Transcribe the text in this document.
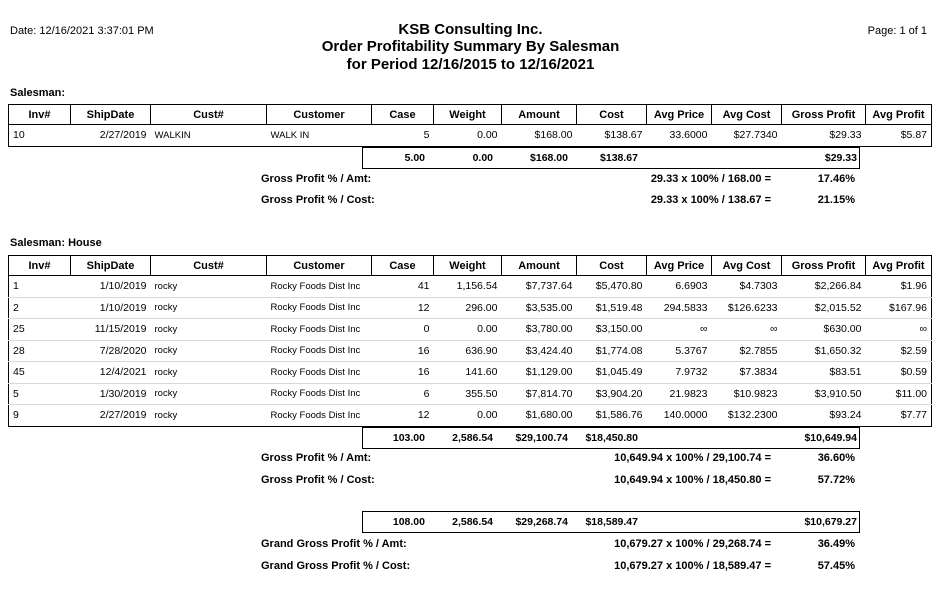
Date: 12/16/2021 3:37:01 PM	Page: 1 of 1
KSB Consulting Inc.
Order Profitability Summary By Salesman
for Period 12/16/2015 to 12/16/2021
Salesman:
Inv#	ShipDate	Cust#	Customer	Case	Weight	Amount	Cost	Avg Price	Avg Cost	Gross Profit	Avg Profit
10	2/27/2019	WALKIN	WALK IN	5	0.00	$168.00	$138.67	33.6000	$27.7340	$29.33	$5.87
5.00	0.00	$168.00	$138.67	$29.33
Gross Profit % / Amt:	29.33 x 100% / 168.00 =	17.46%
Gross Profit % / Cost:	29.33 x 100% / 138.67 =	21.15%
Salesman: House
Inv#	ShipDate	Cust#	Customer	Case	Weight	Amount	Cost	Avg Price	Avg Cost	Gross Profit	Avg Profit
1	1/10/2019	rocky	Rocky Foods Dist Inc	41	1,156.54	$7,737.64	$5,470.80	6.6903	$4.7303	$2,266.84	$1.96
2	1/10/2019	rocky	Rocky Foods Dist Inc	12	296.00	$3,535.00	$1,519.48	294.5833	$126.6233	$2,015.52	$167.96
25	11/15/2019	rocky	Rocky Foods Dist Inc	0	0.00	$3,780.00	$3,150.00	∞	∞	$630.00	∞
28	7/28/2020	rocky	Rocky Foods Dist Inc	16	636.90	$3,424.40	$1,774.08	5.3767	$2.7855	$1,650.32	$2.59
45	12/4/2021	rocky	Rocky Foods Dist Inc	16	141.60	$1,129.00	$1,045.49	7.9732	$7.3834	$83.51	$0.59
5	1/30/2019	rocky	Rocky Foods Dist Inc	6	355.50	$7,814.70	$3,904.20	21.9823	$10.9823	$3,910.50	$11.00
9	2/27/2019	rocky	Rocky Foods Dist Inc	12	0.00	$1,680.00	$1,586.76	140.0000	$132.2300	$93.24	$7.77
103.00	2,586.54	$29,100.74	$18,450.80	$10,649.94
Gross Profit % / Amt:	10,649.94 x 100% / 29,100.74 =	36.60%
Gross Profit % / Cost:	10,649.94 x 100% / 18,450.80 =	57.72%
108.00	2,586.54	$29,268.74	$18,589.47	$10,679.27
Grand Gross Profit % / Amt:	10,679.27 x 100% / 29,268.74 =	36.49%
Grand Gross Profit % / Cost:	10,679.27 x 100% / 18,589.47 =	57.45%
